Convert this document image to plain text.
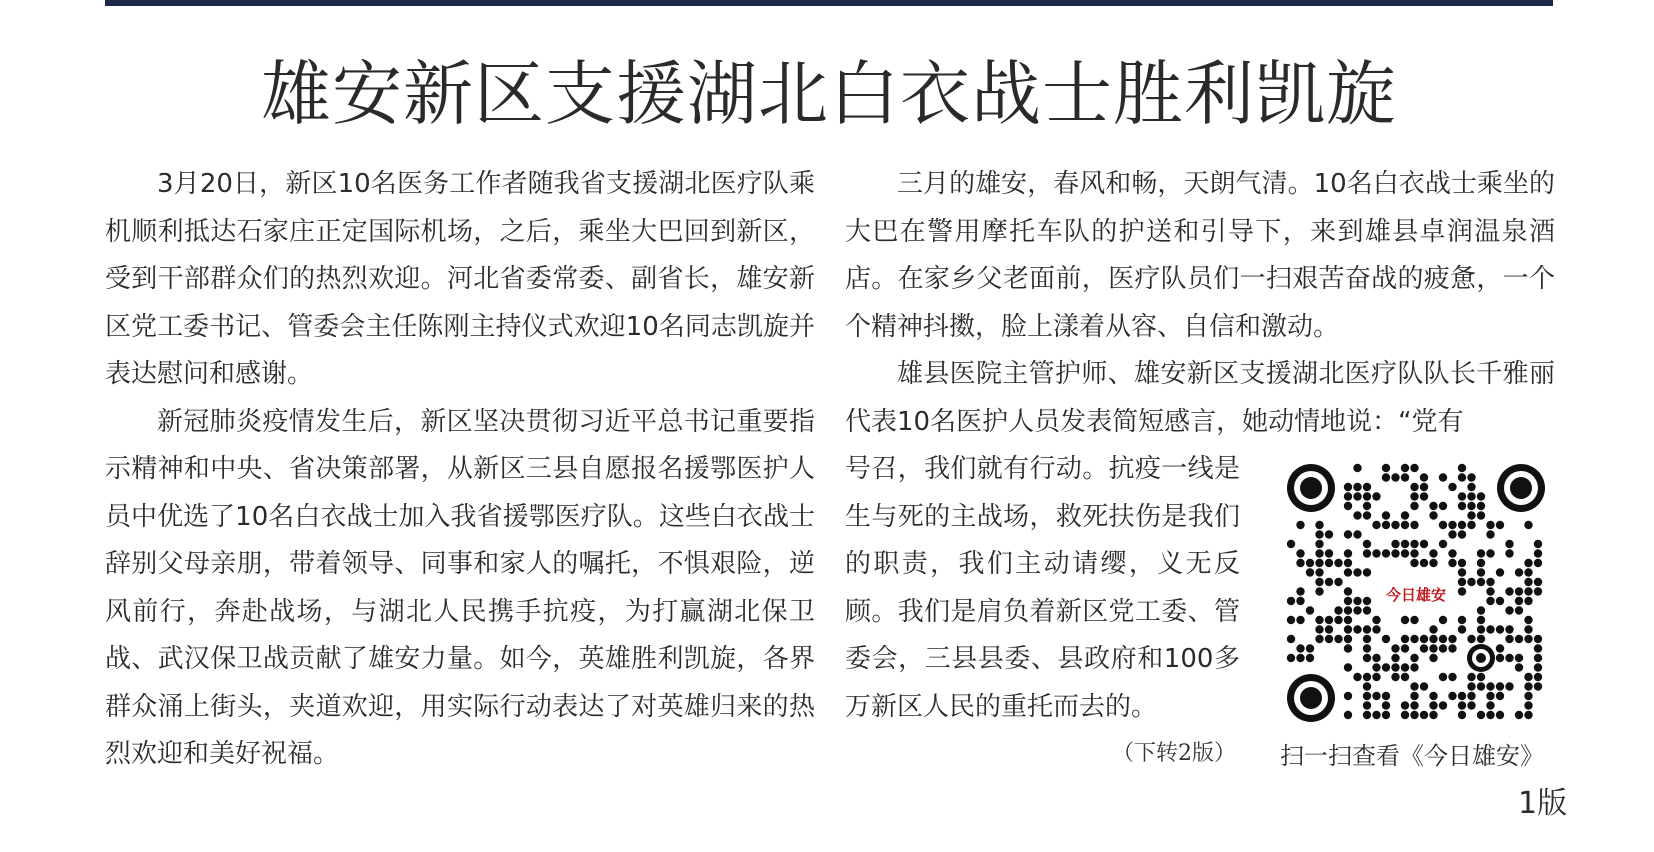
雄安新区支援湖北白衣战士胜利凯旋

3月20日，新区10名医务工作者随我省支援湖北医疗队乘机顺利抵达石家庄正定国际机场，之后，乘坐大巴回到新区，受到干部群众们的热烈欢迎。河北省委常委、副省长，雄安新区党工委书记、管委会主任陈刚主持仪式欢迎10名同志凯旋并表达慰问和感谢。

新冠肺炎疫情发生后，新区坚决贯彻习近平总书记重要指示精神和中央、省决策部署，从新区三县自愿报名援鄂医护人员中优选了10名白衣战士加入我省援鄂医疗队。这些白衣战士辞别父母亲朋，带着领导、同事和家人的嘱托，不惧艰险，逆风前行，奔赴战场，与湖北人民携手抗疫，为打赢湖北保卫战、武汉保卫战贡献了雄安力量。如今，英雄胜利凯旋，各界群众涌上街头，夹道欢迎，用实际行动表达了对英雄归来的热烈欢迎和美好祝福。

三月的雄安，春风和畅，天朗气清。10名白衣战士乘坐的大巴在警用摩托车队的护送和引导下，来到雄县卓润温泉酒店。在家乡父老面前，医疗队员们一扫艰苦奋战的疲惫，一个个精神抖擞，脸上漾着从容、自信和激动。

雄县医院主管护师、雄安新区支援湖北医疗队队长千雅丽代表10名医护人员发表简短感言，她动情地说：“党有

号召，我们就有行动。抗疫一线是生与死的主战场，救死扶伤是我们的职责，我们主动请缨，义无反顾。我们是肩负着新区党工委、管委会，三县县委、县政府和100多万新区人民的重托而去的。

（下转2版）
今日雄安
扫一扫查看《今日雄安》
1版
